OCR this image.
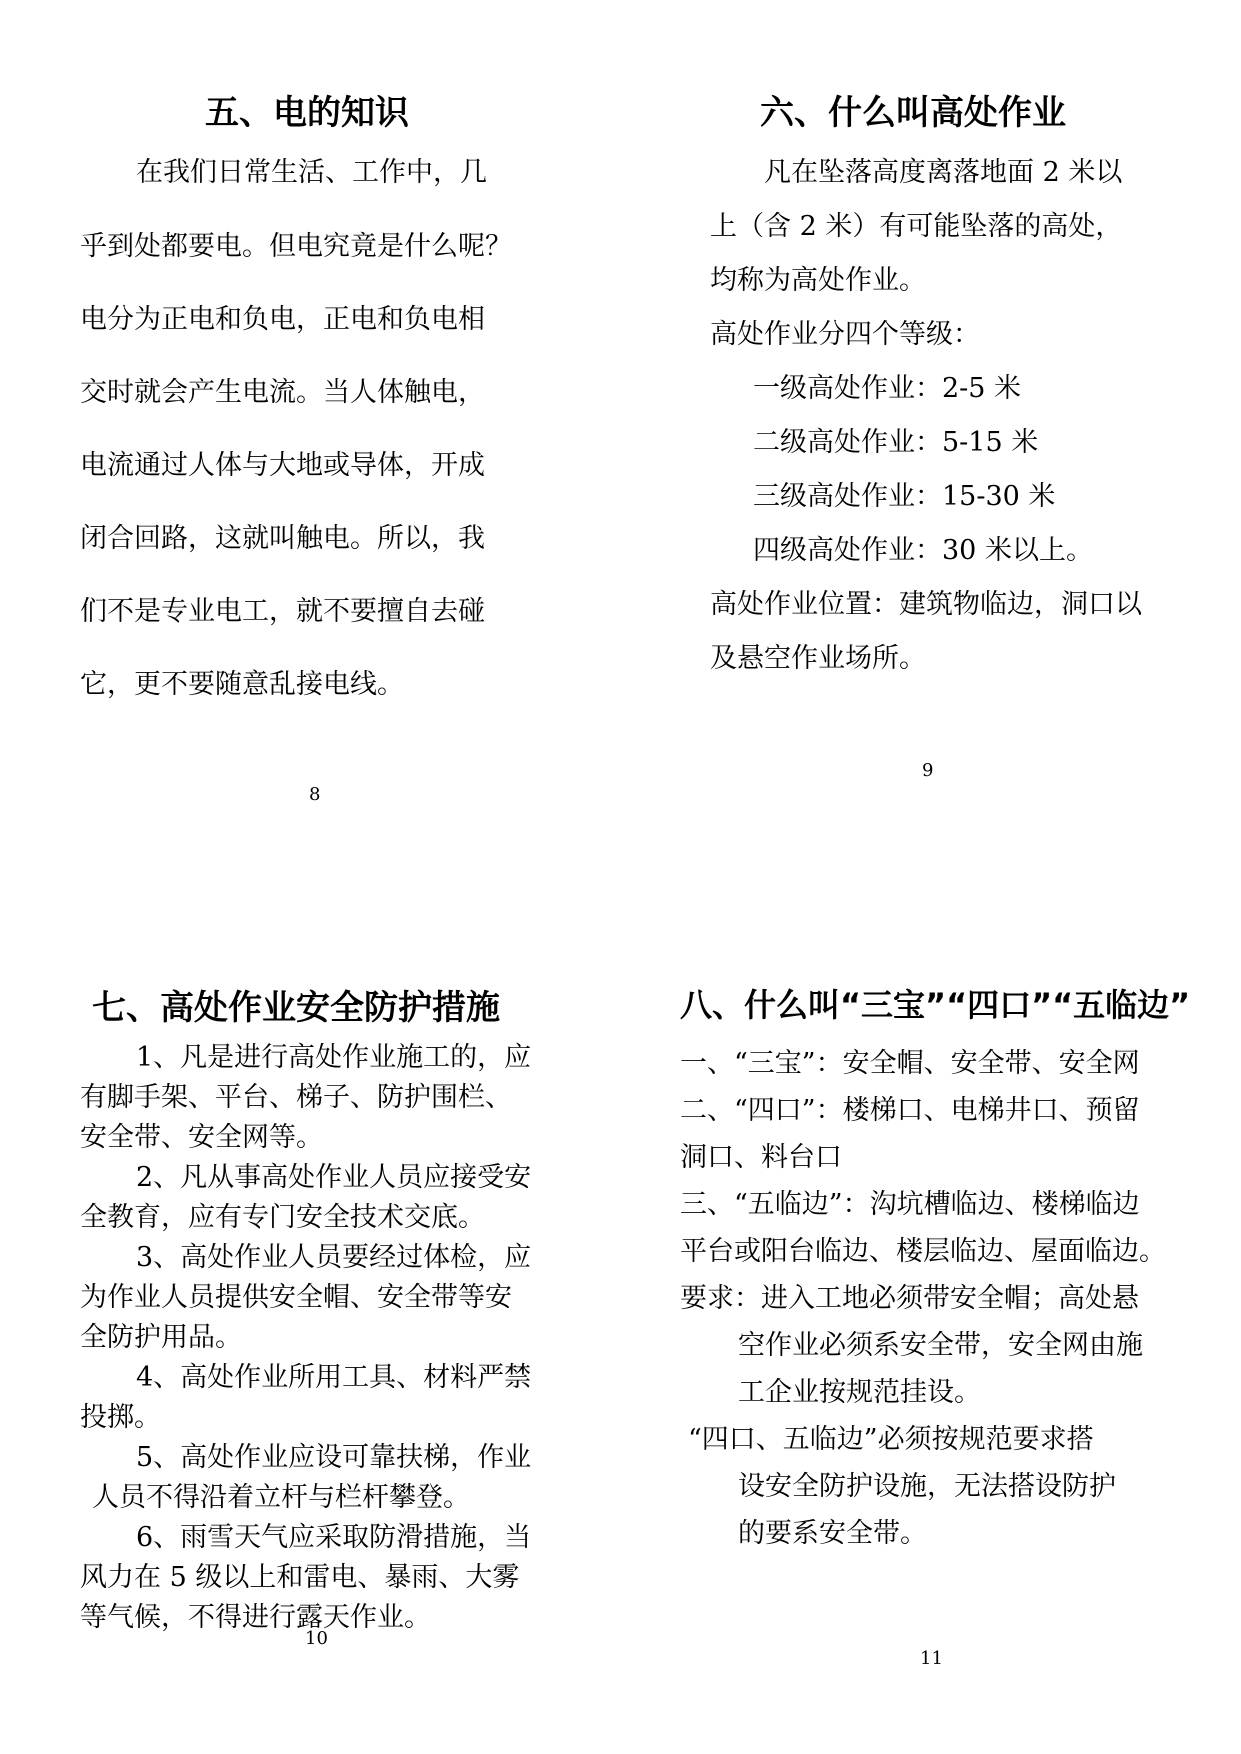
五、电的知识

在我们日常生活、工作中，几

乎到处都要电。但电究竟是什么呢？

电分为正电和负电，正电和负电相

交时就会产生电流。当人体触电，

电流通过人体与大地或导体，开成

闭合回路，这就叫触电。所以，我

们不是专业电工，就不要擅自去碰

它，更不要随意乱接电线。

8

六、什么叫高处作业

凡在坠落高度离落地面 2 米以

上（含 2 米）有可能坠落的高处，

均称为高处作业。

高处作业分四个等级：

一级高处作业：2-5 米

二级高处作业：5-15 米

三级高处作业：15-30 米

四级高处作业：30 米以上。

高处作业位置：建筑物临边，洞口以

及悬空作业场所。

9

七、高处作业安全防护措施

1、凡是进行高处作业施工的，应

有脚手架、平台、梯子、防护围栏、

安全带、安全网等。

2、凡从事高处作业人员应接受安

全教育，应有专门安全技术交底。

3、高处作业人员要经过体检，应

为作业人员提供安全帽、安全带等安

全防护用品。

4、高处作业所用工具、材料严禁

投掷。

5、高处作业应设可靠扶梯，作业

人员不得沿着立杆与栏杆攀登。

6、雨雪天气应采取防滑措施，当

风力在 5 级以上和雷电、暴雨、大雾

等气候，不得进行露天作业。

10

八、什么叫“三宝”“四口”“五临边”

一、“三宝”：安全帽、安全带、安全网

二、“四口”：楼梯口、电梯井口、预留

洞口、料台口

三、“五临边”：沟坑槽临边、楼梯临边

平台或阳台临边、楼层临边、屋面临边。

要求：进入工地必须带安全帽；高处悬

空作业必须系安全带，安全网由施

工企业按规范挂设。

“四口、五临边”必须按规范要求搭

设安全防护设施，无法搭设防护

的要系安全带。

11
